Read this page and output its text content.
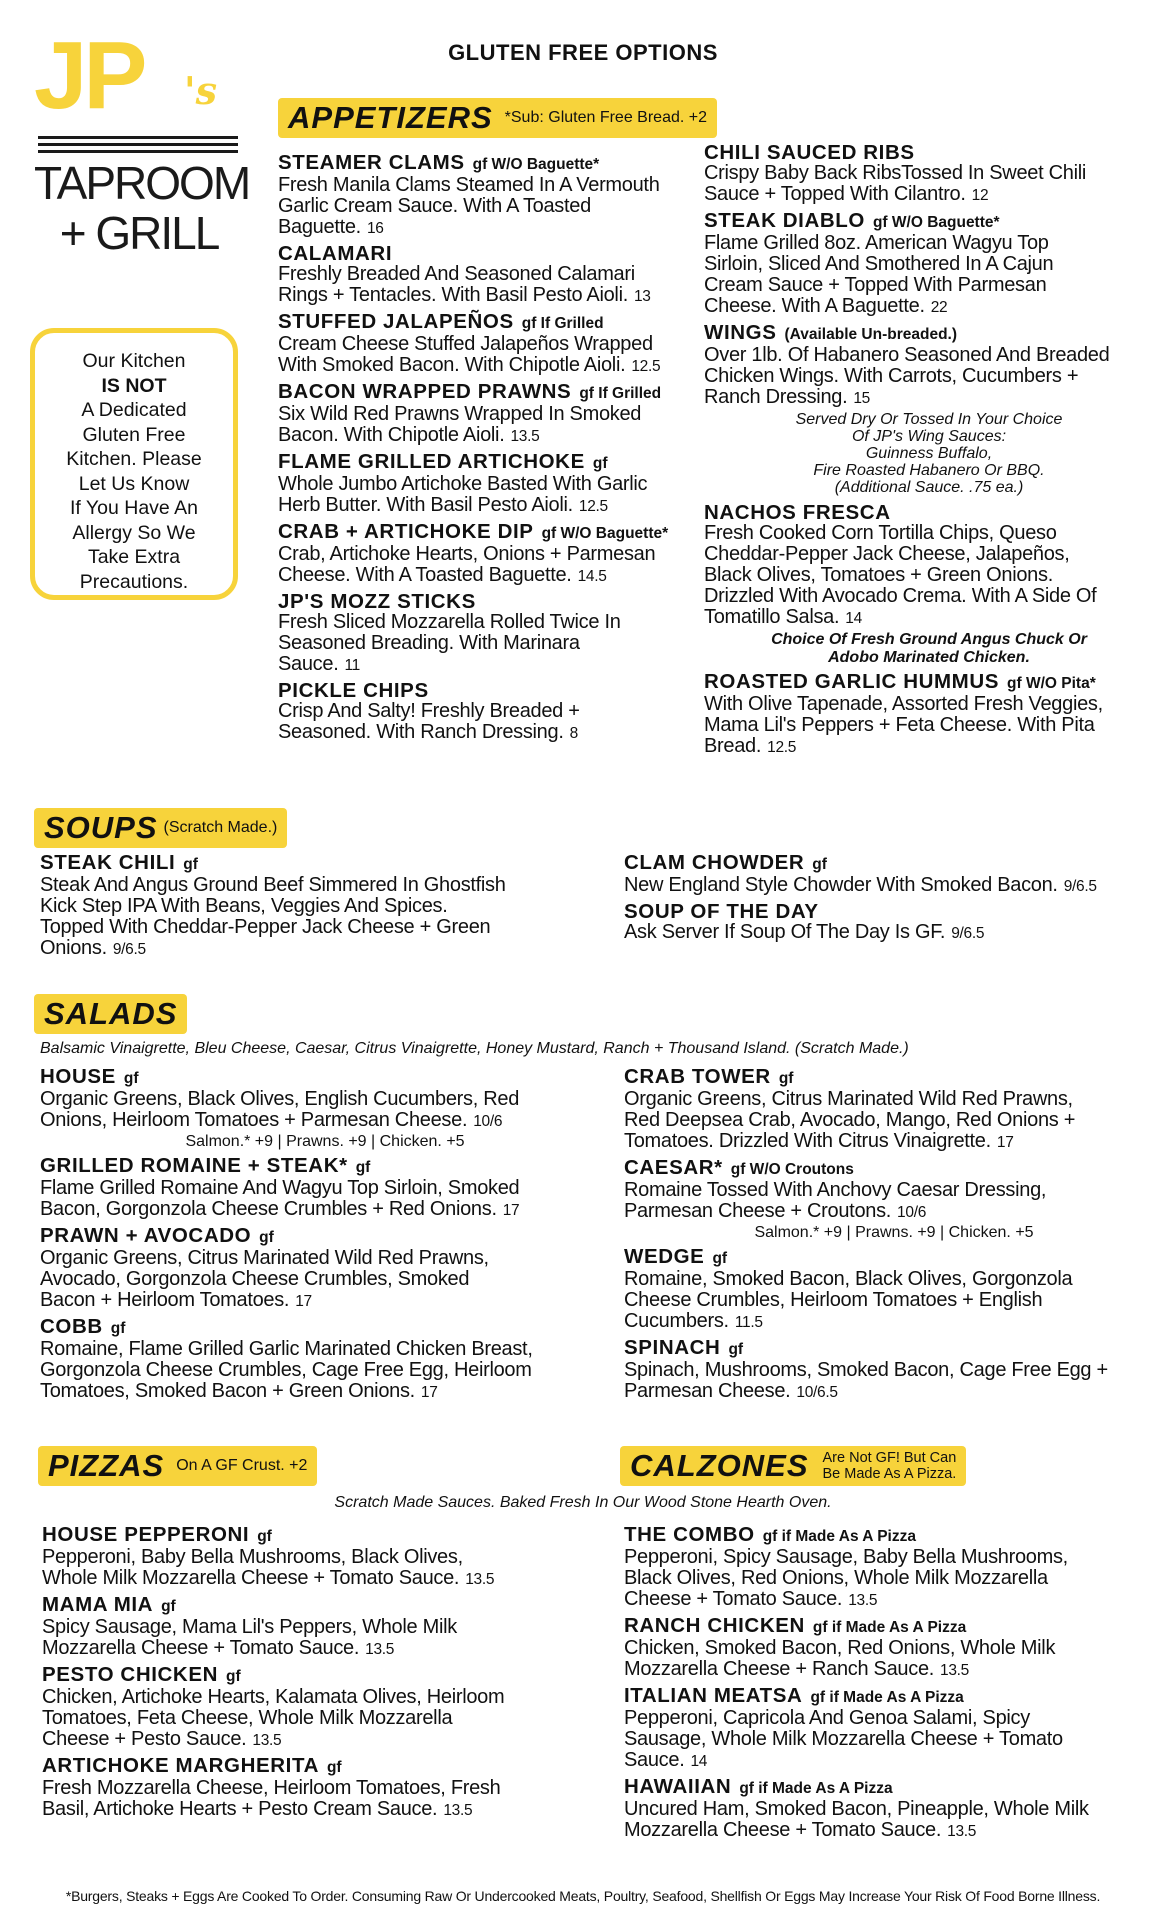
GLUTEN FREE OPTIONS
JP 's
TAPROOM
+ GRILL
Our Kitchen
IS NOT
A Dedicated
Gluten Free
Kitchen. Please
Let Us Know
If You Have An
Allergy So We
Take Extra
Precautions.
APPETIZERS *Sub: Gluten Free Bread. +2
STEAMER CLAMS gf W/O Baguette*
Fresh Manila Clams Steamed In A Vermouth
Garlic Cream Sauce. With A Toasted
Baguette. 16
CALAMARI
Freshly Breaded And Seasoned Calamari
Rings + Tentacles. With Basil Pesto Aioli. 13
STUFFED JALAPEÑOS gf If Grilled
Cream Cheese Stuffed Jalapeños Wrapped
With Smoked Bacon. With Chipotle Aioli. 12.5
BACON WRAPPED PRAWNS gf If Grilled
Six Wild Red Prawns Wrapped In Smoked
Bacon. With Chipotle Aioli. 13.5
FLAME GRILLED ARTICHOKE gf
Whole Jumbo Artichoke Basted With Garlic
Herb Butter. With Basil Pesto Aioli. 12.5
CRAB + ARTICHOKE DIP gf W/O Baguette*
Crab, Artichoke Hearts, Onions + Parmesan
Cheese. With A Toasted Baguette. 14.5
JP'S MOZZ STICKS
Fresh Sliced Mozzarella Rolled Twice In
Seasoned Breading. With Marinara
Sauce. 11
PICKLE CHIPS
Crisp And Salty! Freshly Breaded +
Seasoned. With Ranch Dressing. 8
CHILI SAUCED RIBS
Crispy Baby Back RibsTossed In Sweet Chili
Sauce + Topped With Cilantro. 12
STEAK DIABLO gf W/O Baguette*
Flame Grilled 8oz. American Wagyu Top
Sirloin, Sliced And Smothered In A Cajun
Cream Sauce + Topped With Parmesan
Cheese. With A Baguette. 22
WINGS (Available Un-breaded.)
Over 1lb. Of Habanero Seasoned And Breaded
Chicken Wings. With Carrots, Cucumbers +
Ranch Dressing. 15
Served Dry Or Tossed In Your Choice
Of JP's Wing Sauces:
Guinness Buffalo,
Fire Roasted Habanero Or BBQ.
(Additional Sauce. .75 ea.)
NACHOS FRESCA
Fresh Cooked Corn Tortilla Chips, Queso
Cheddar-Pepper Jack Cheese, Jalapeños,
Black Olives, Tomatoes + Green Onions.
Drizzled With Avocado Crema. With A Side Of
Tomatillo Salsa. 14
Choice Of Fresh Ground Angus Chuck Or
Adobo Marinated Chicken.
ROASTED GARLIC HUMMUS gf W/O Pita*
With Olive Tapenade, Assorted Fresh Veggies,
Mama Lil's Peppers + Feta Cheese. With Pita
Bread. 12.5
SOUPS (Scratch Made.)
STEAK CHILI gf
Steak And Angus Ground Beef Simmered In Ghostfish
Kick Step IPA With Beans, Veggies And Spices.
Topped With Cheddar-Pepper Jack Cheese + Green
Onions. 9/6.5
CLAM CHOWDER gf
New England Style Chowder With Smoked Bacon. 9/6.5
SOUP OF THE DAY
Ask Server If Soup Of The Day Is GF. 9/6.5
SALADS
Balsamic Vinaigrette, Bleu Cheese, Caesar, Citrus Vinaigrette, Honey Mustard, Ranch + Thousand Island. (Scratch Made.)
HOUSE gf
Organic Greens, Black Olives, English Cucumbers, Red
Onions, Heirloom Tomatoes + Parmesan Cheese. 10/6
Salmon.* +9 | Prawns. +9 | Chicken. +5
GRILLED ROMAINE + STEAK* gf
Flame Grilled Romaine And Wagyu Top Sirloin, Smoked
Bacon, Gorgonzola Cheese Crumbles + Red Onions. 17
PRAWN + AVOCADO gf
Organic Greens, Citrus Marinated Wild Red Prawns,
Avocado, Gorgonzola Cheese Crumbles, Smoked
Bacon + Heirloom Tomatoes. 17
COBB gf
Romaine, Flame Grilled Garlic Marinated Chicken Breast,
Gorgonzola Cheese Crumbles, Cage Free Egg, Heirloom
Tomatoes, Smoked Bacon + Green Onions. 17
CRAB TOWER gf
Organic Greens, Citrus Marinated Wild Red Prawns,
Red Deepsea Crab, Avocado, Mango, Red Onions +
Tomatoes. Drizzled With Citrus Vinaigrette. 17
CAESAR* gf W/O Croutons
Romaine Tossed With Anchovy Caesar Dressing,
Parmesan Cheese + Croutons. 10/6
Salmon.* +9 | Prawns. +9 | Chicken. +5
WEDGE gf
Romaine, Smoked Bacon, Black Olives, Gorgonzola
Cheese Crumbles, Heirloom Tomatoes + English
Cucumbers. 11.5
SPINACH gf
Spinach, Mushrooms, Smoked Bacon, Cage Free Egg +
Parmesan Cheese. 10/6.5
PIZZAS On A GF Crust. +2	CALZONES Are Not GF! But Can
Be Made As A Pizza.
Scratch Made Sauces. Baked Fresh In Our Wood Stone Hearth Oven.
HOUSE PEPPERONI gf
Pepperoni, Baby Bella Mushrooms, Black Olives,
Whole Milk Mozzarella Cheese + Tomato Sauce. 13.5
MAMA MIA gf
Spicy Sausage, Mama Lil's Peppers, Whole Milk
Mozzarella Cheese + Tomato Sauce. 13.5
PESTO CHICKEN gf
Chicken, Artichoke Hearts, Kalamata Olives, Heirloom
Tomatoes, Feta Cheese, Whole Milk Mozzarella
Cheese + Pesto Sauce. 13.5
ARTICHOKE MARGHERITA gf
Fresh Mozzarella Cheese, Heirloom Tomatoes, Fresh
Basil, Artichoke Hearts + Pesto Cream Sauce. 13.5
THE COMBO gf if Made As A Pizza
Pepperoni, Spicy Sausage, Baby Bella Mushrooms,
Black Olives, Red Onions, Whole Milk Mozzarella
Cheese + Tomato Sauce. 13.5
RANCH CHICKEN gf if Made As A Pizza
Chicken, Smoked Bacon, Red Onions, Whole Milk
Mozzarella Cheese + Ranch Sauce. 13.5
ITALIAN MEATSA gf if Made As A Pizza
Pepperoni, Capricola And Genoa Salami, Spicy
Sausage, Whole Milk Mozzarella Cheese + Tomato
Sauce. 14
HAWAIIAN gf if Made As A Pizza
Uncured Ham, Smoked Bacon, Pineapple, Whole Milk
Mozzarella Cheese + Tomato Sauce. 13.5
*Burgers, Steaks + Eggs Are Cooked To Order. Consuming Raw Or Undercooked Meats, Poultry, Seafood, Shellfish Or Eggs May Increase Your Risk Of Food Borne Illness.
